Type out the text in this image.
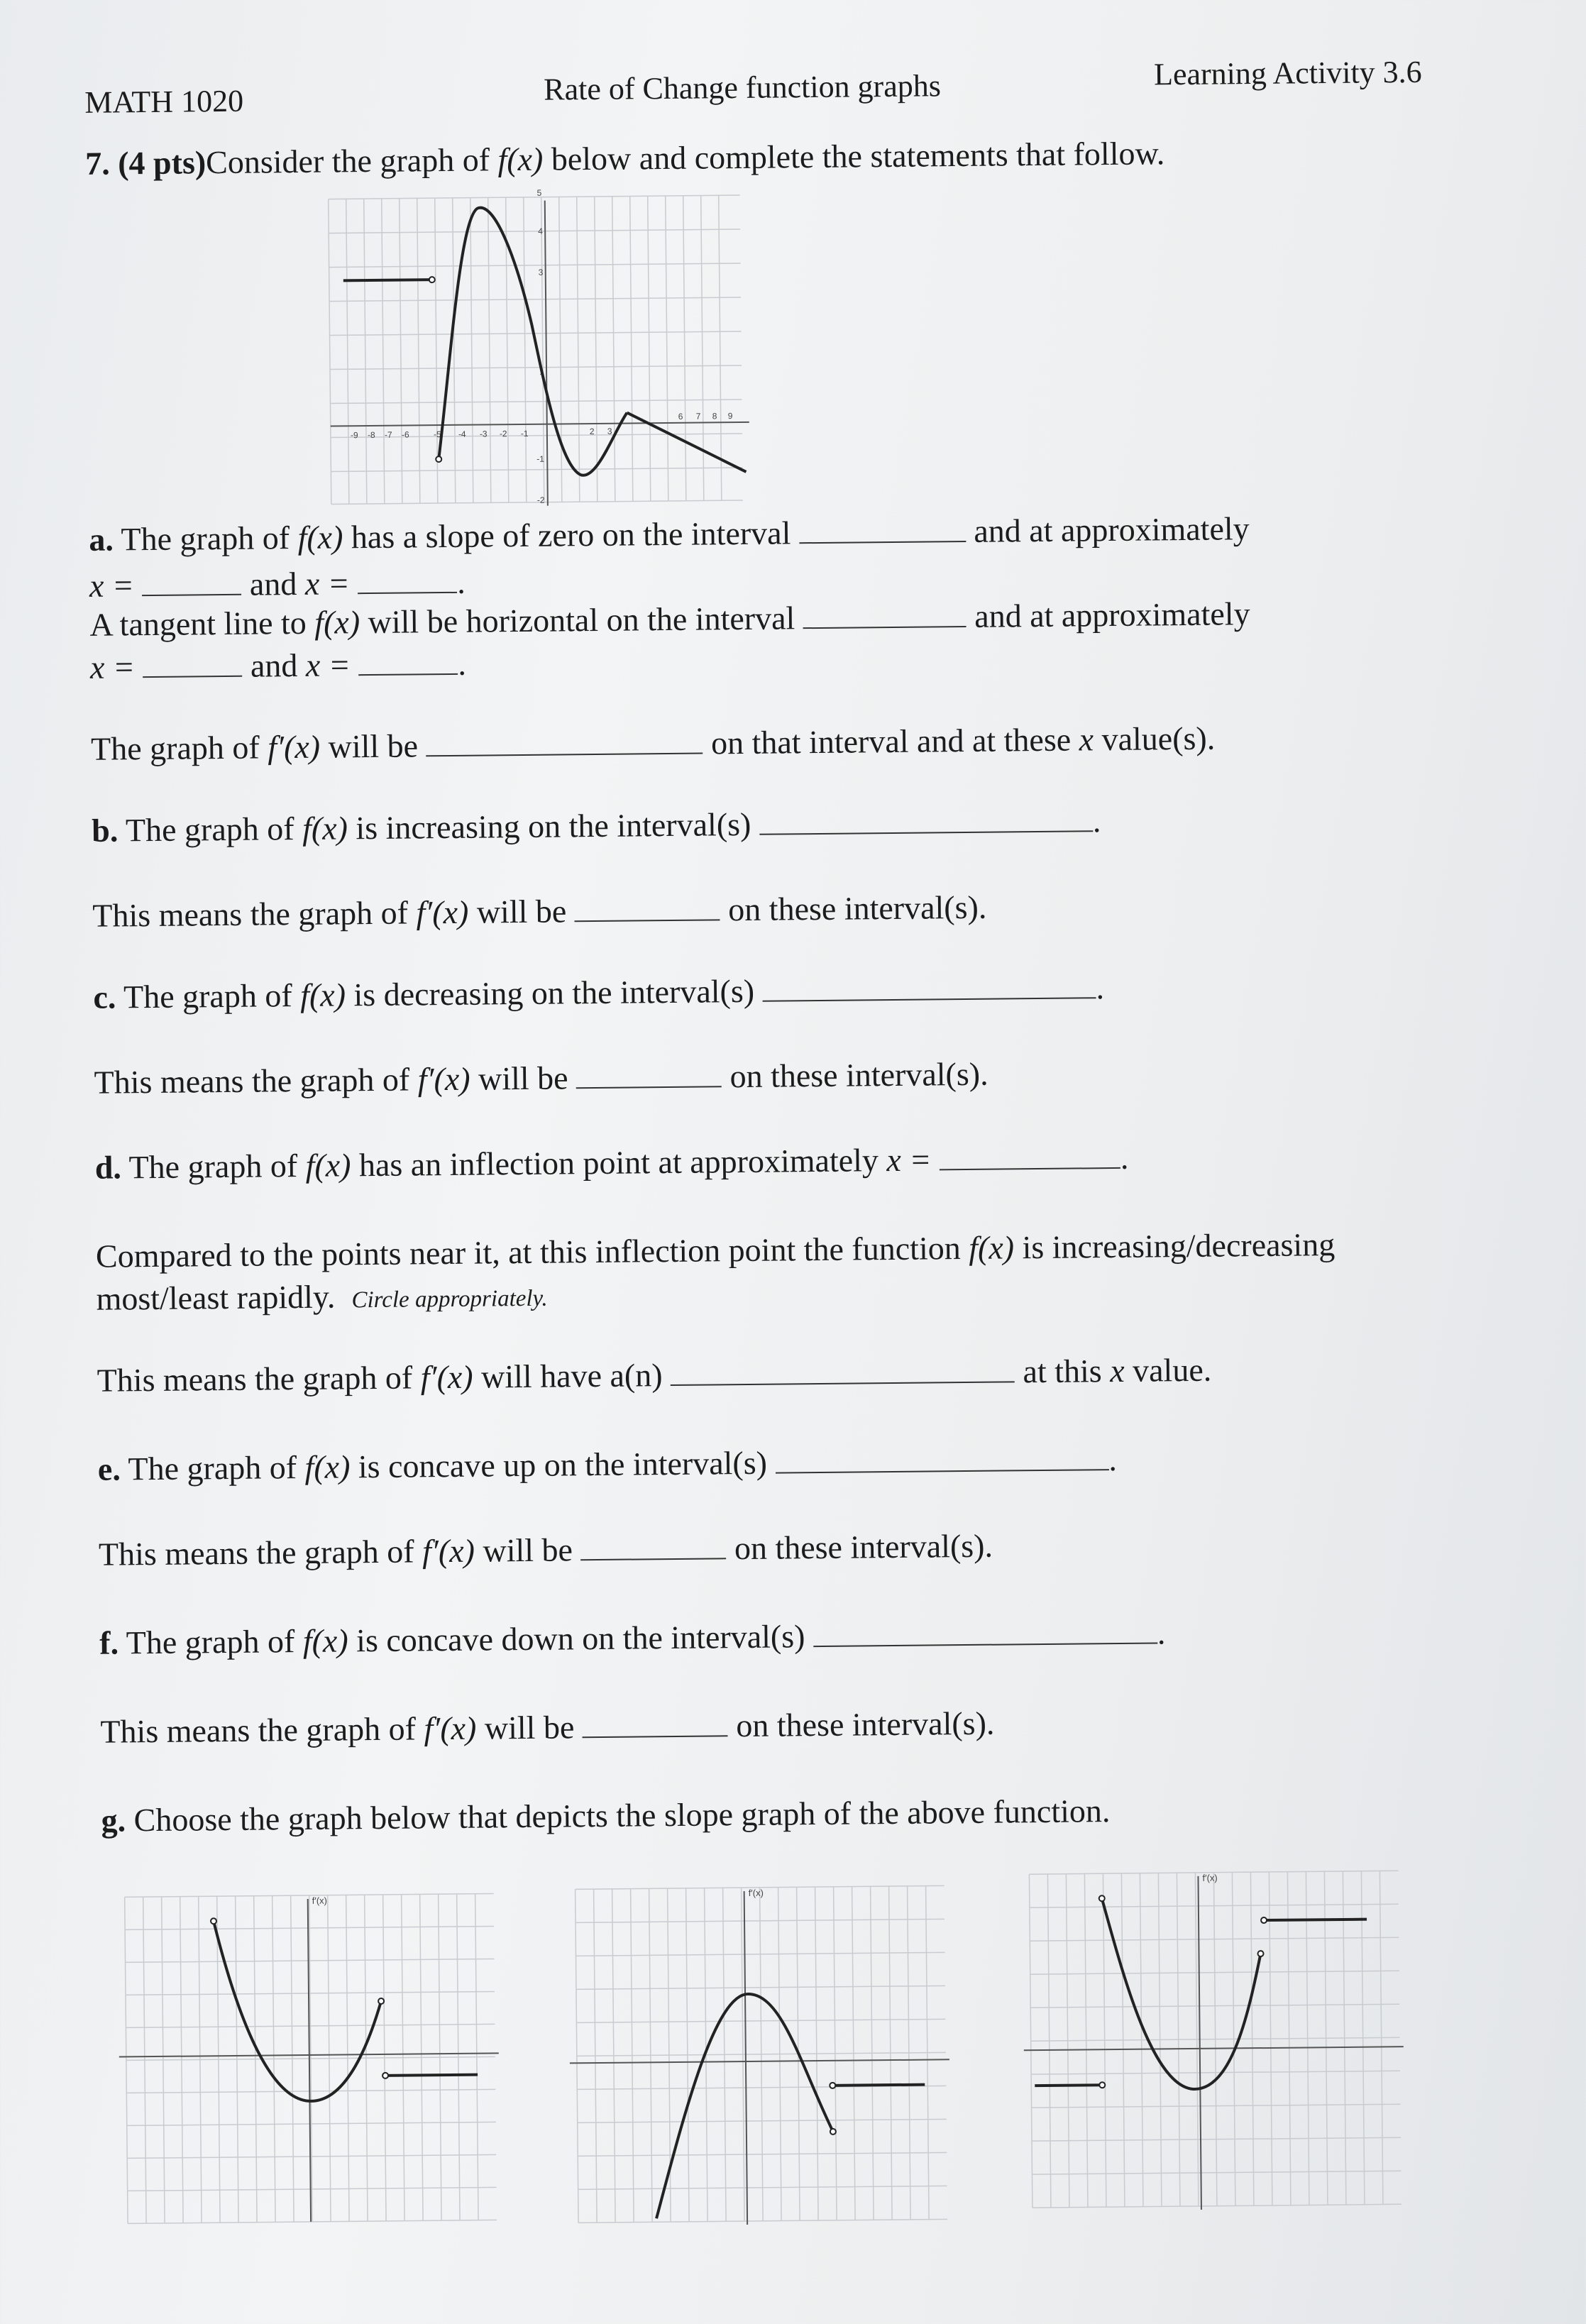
MATH 1020	Rate of Change function graphs	Learning Activity 3.6
7. (4 pts)Consider the graph of f(x) below and complete the statements that follow.
-9 -8 -7 -6	-5 -4 -3 -2 -1	2 3
6 7 8 9
5
4
3
1
-1
-2
a. The graph of f(x) has a slope of zero on the interval	and at approximately
x =	and x =	.
A tangent line to f(x) will be horizontal on the interval	and at approximately
x =	and x =	.
The graph of f′(x) will be	on that interval and at these x value(s).
b. The graph of f(x) is increasing on the interval(s)	.
This means the graph of f′(x) will be	on these interval(s).
c. The graph of f(x) is decreasing on the interval(s)	.
This means the graph of f′(x) will be	on these interval(s).
d. The graph of f(x) has an inflection point at approximately x =	.
Compared to the points near it, at this inflection point the function f(x) is increasing/decreasing
most/least rapidly. Circle appropriately.
This means the graph of f′(x) will have a(n)	at this x value.
e. The graph of f(x) is concave up on the interval(s)	.
This means the graph of f′(x) will be	on these interval(s).
f. The graph of f(x) is concave down on the interval(s)	.
This means the graph of f′(x) will be	on these interval(s).
g. Choose the graph below that depicts the slope graph of the above function.
f′(x)
f′(x)
f′(x)
